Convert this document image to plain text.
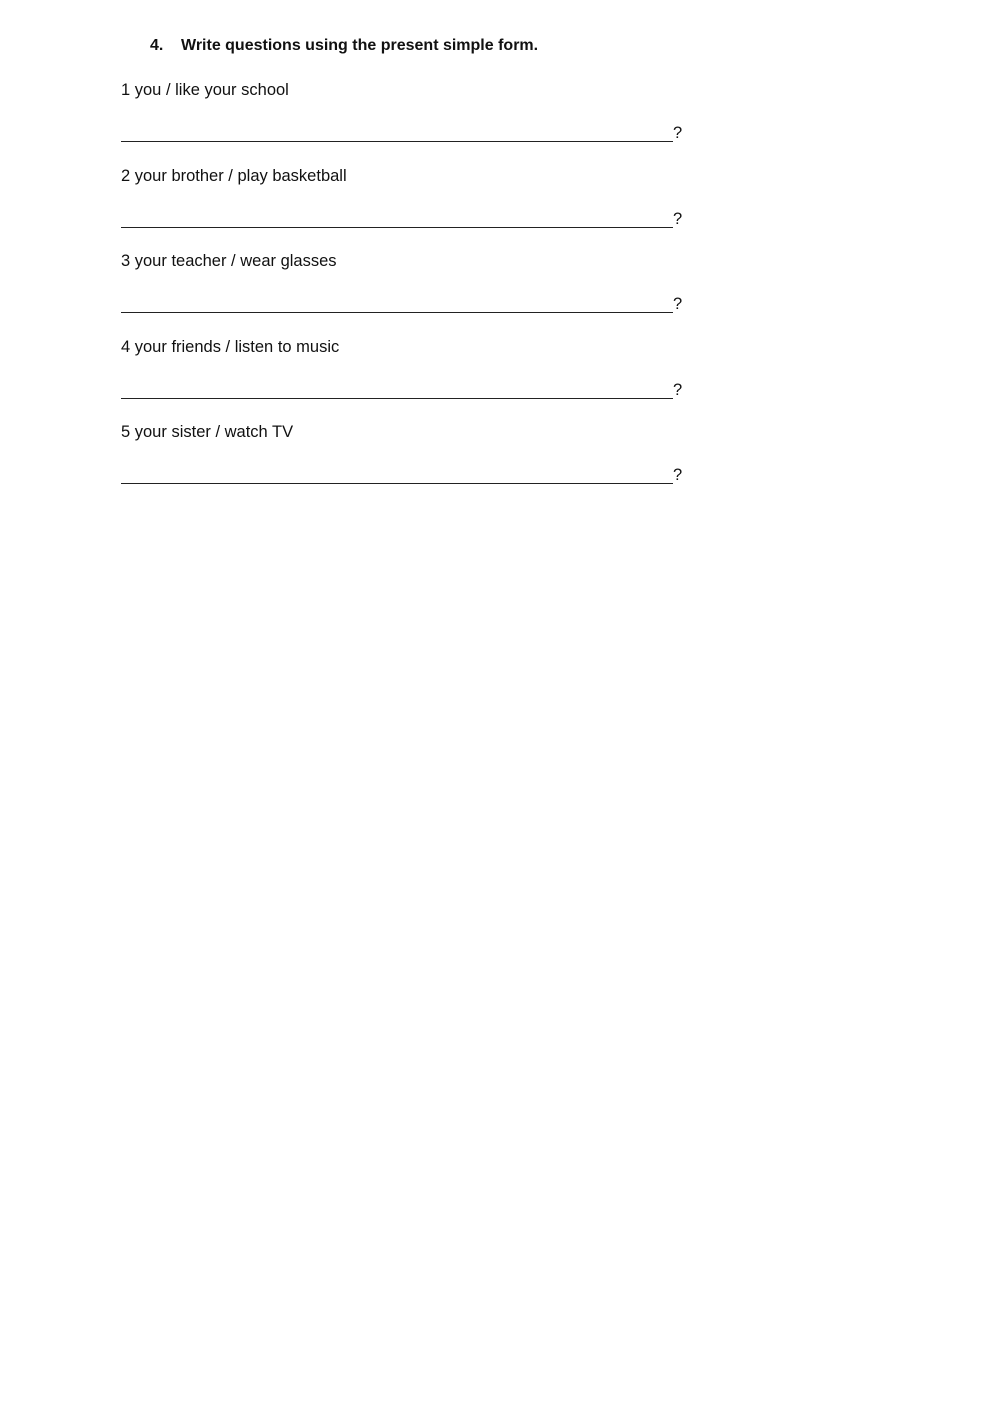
4. Write questions using the present simple form.
1 you / like your school
?
2 your brother / play basketball
?
3 your teacher / wear glasses
?
4 your friends / listen to music
?
5 your sister / watch TV
?
